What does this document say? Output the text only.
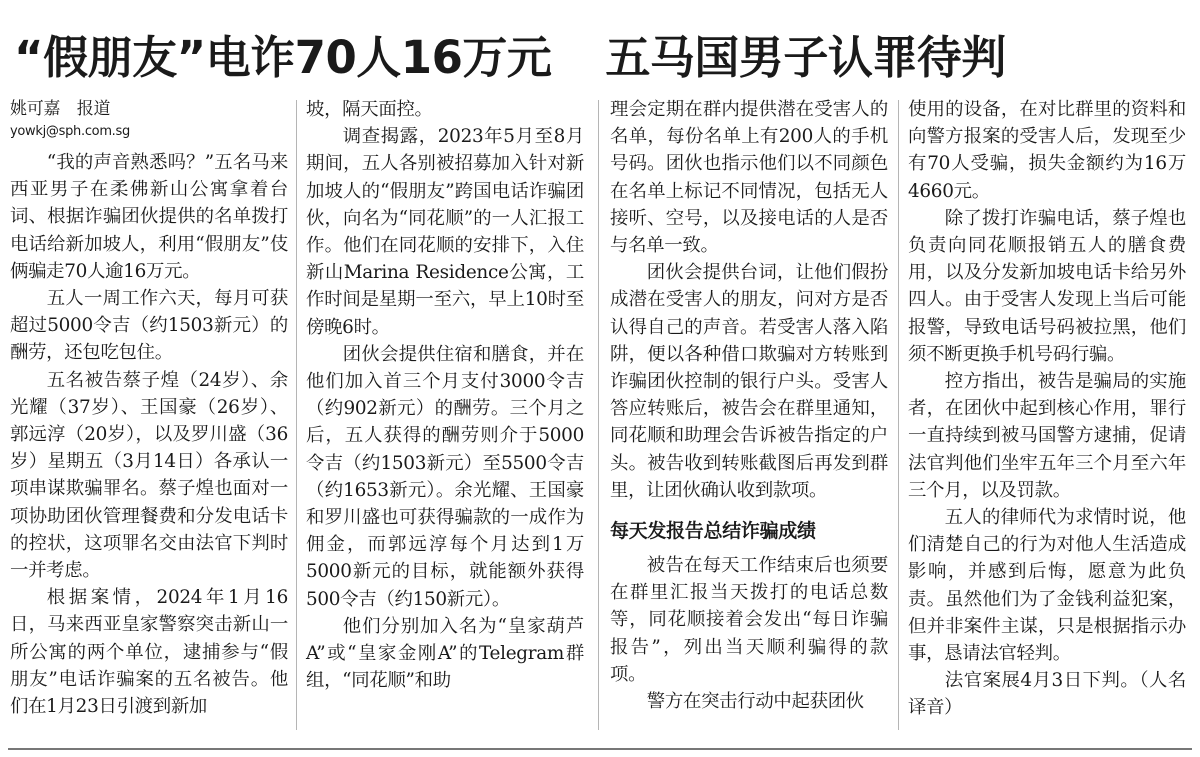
“假朋友”电诈70人16万元 五马国男子认罪待判
姚可嘉　报道
yowkj@sph.com.sg

“我的声音熟悉吗？”五名马来西亚男子在柔佛新山公寓拿着台词、根据诈骗团伙提供的名单拨打电话给新加坡人，利用“假朋友”伎俩骗走70人逾16万元。

五人一周工作六天，每月可获超过5000令吉（约1503新元）的酬劳，还包吃包住。

五名被告蔡子煌（24岁）、余光耀（37岁）、王国豪（26岁）、郭远淳（20岁），以及罗川盛（36岁）星期五（3月14日）各承认一项串谋欺骗罪名。蔡子煌也面对一项协助团伙管理餐费和分发电话卡的控状，这项罪名交由法官下判时一并考虑。

根据案情，2024年1月16日，马来西亚皇家警察突击新山一所公寓的两个单位，逮捕参与“假朋友”电话诈骗案的五名被告。他们在1月23日引渡到新加

坡，隔天面控。

调查揭露，2023年5月至8月期间，五人各别被招募加入针对新加坡人的“假朋友”跨国电话诈骗团伙，向名为“同花顺”的一人汇报工作。他们在同花顺的安排下，入住新山Marina Residence公寓，工作时间是星期一至六，早上10时至傍晚6时。

团伙会提供住宿和膳食，并在他们加入首三个月支付3000令吉（约902新元）的酬劳。三个月之后，五人获得的酬劳则介于5000令吉（约1503新元）至5500令吉（约1653新元）。余光耀、王国豪和罗川盛也可获得骗款的一成作为佣金，而郭远淳每个月达到1万5000新元的目标，就能额外获得500令吉（约150新元）。

他们分别加入名为“皇家葫芦A”或“皇家金刚A”的Telegram群组，“同花顺”和助

理会定期在群内提供潜在受害人的名单，每份名单上有200人的手机号码。团伙也指示他们以不同颜色在名单上标记不同情况，包括无人接听、空号，以及接电话的人是否与名单一致。

团伙会提供台词，让他们假扮成潜在受害人的朋友，问对方是否认得自己的声音。若受害人落入陷阱，便以各种借口欺骗对方转账到诈骗团伙控制的银行户头。受害人答应转账后，被告会在群里通知，同花顺和助理会告诉被告指定的户头。被告收到转账截图后再发到群里，让团伙确认收到款项。

每天发报告总结诈骗成绩

被告在每天工作结束后也须要在群里汇报当天拨打的电话总数等，同花顺接着会发出“每日诈骗报告”，列出当天顺利骗得的款项。

警方在突击行动中起获团伙

使用的设备，在对比群里的资料和向警方报案的受害人后，发现至少有70人受骗，损失金额约为16万4660元。

除了拨打诈骗电话，蔡子煌也负责向同花顺报销五人的膳食费用，以及分发新加坡电话卡给另外四人。由于受害人发现上当后可能报警，导致电话号码被拉黑，他们须不断更换手机号码行骗。

控方指出，被告是骗局的实施者，在团伙中起到核心作用，罪行一直持续到被马国警方逮捕，促请法官判他们坐牢五年三个月至六年三个月，以及罚款。

五人的律师代为求情时说，他们清楚自己的行为对他人生活造成影响，并感到后悔，愿意为此负责。虽然他们为了金钱利益犯案，但并非案件主谋，只是根据指示办事，恳请法官轻判。

法官案展4月3日下判。（人名译音）
